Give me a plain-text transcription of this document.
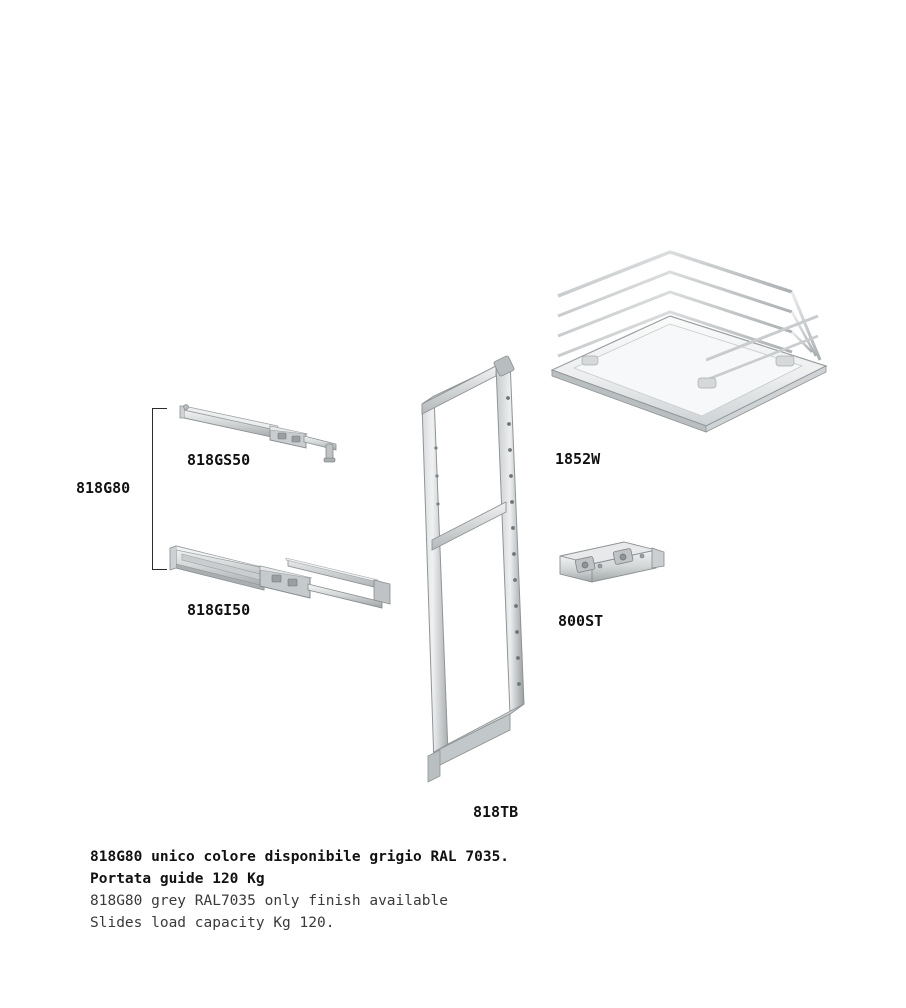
1852W
818TB
818GS50
818GI50
818G80
800ST
818G80 unico colore disponibile grigio RAL 7035.
Portata guide 120 Kg
818G80 grey RAL7035 only finish available
Slides load capacity Kg 120.
